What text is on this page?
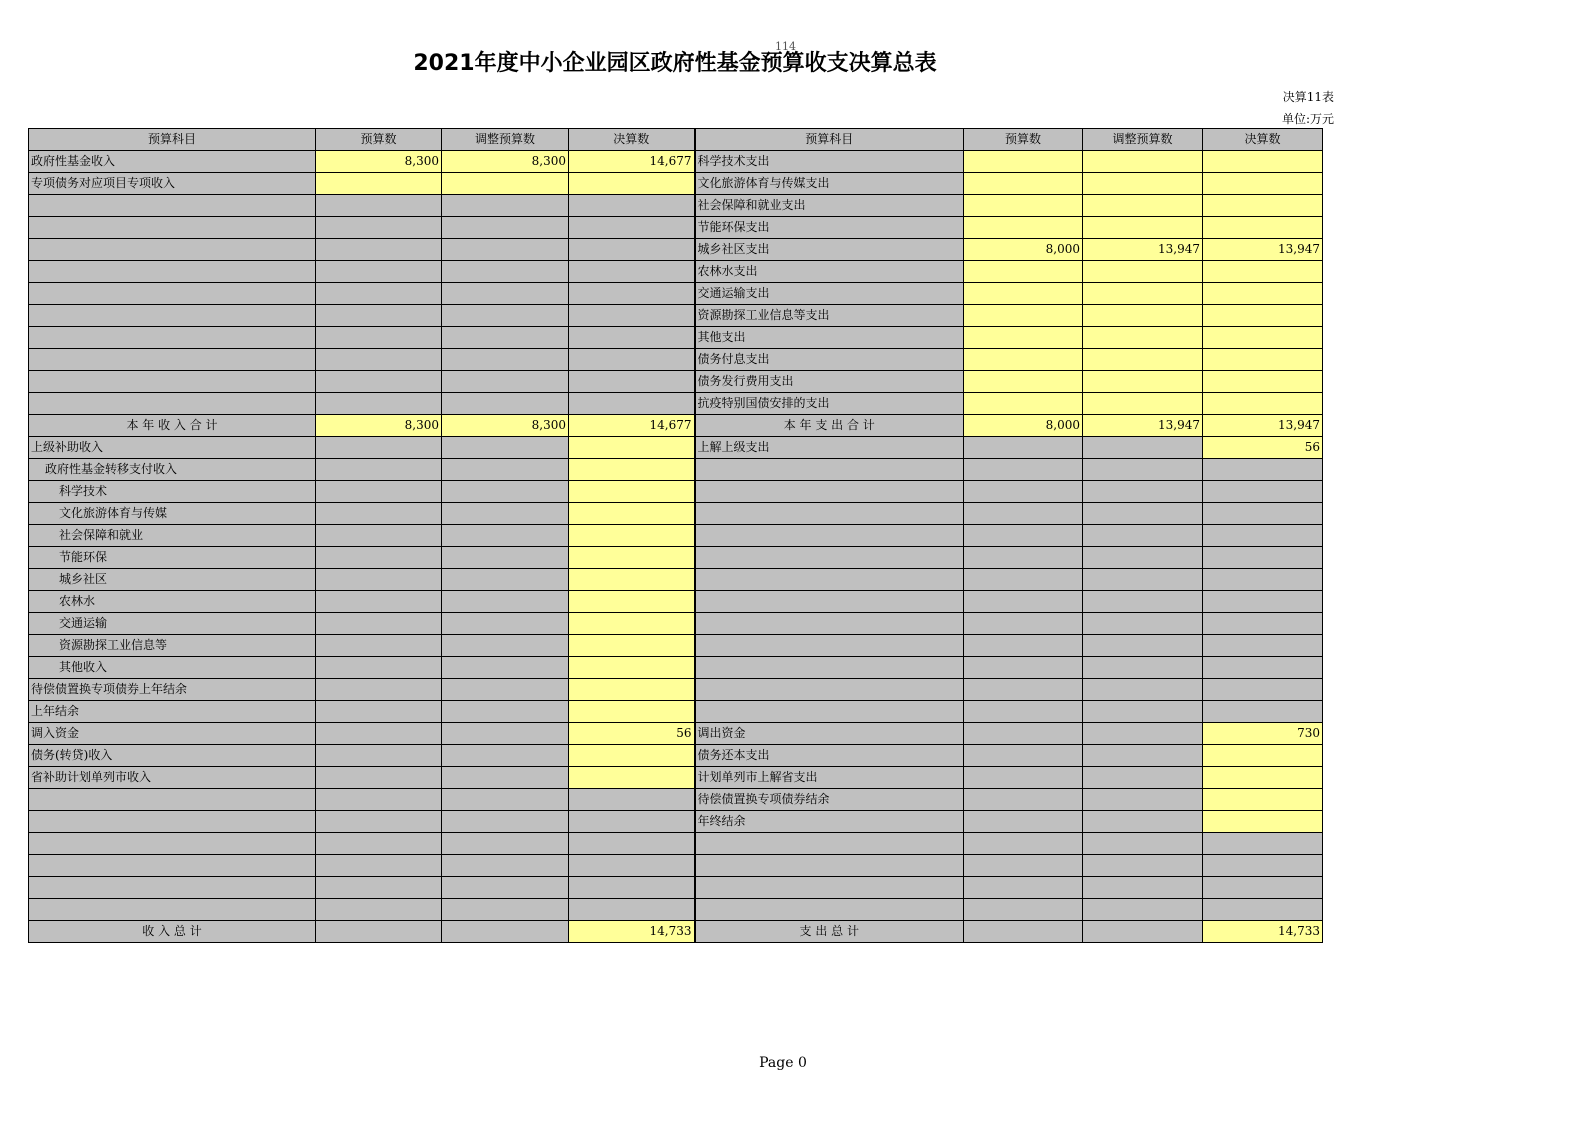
114
2021年度中小企业园区政府性基金预算收支决算总表
决算11表
单位:万元
预算科目	预算数	调整预算数	决算数	预算科目	预算数	调整预算数	决算数
政府性基金收入	8,300	8,300	14,677	科学技术支出			
专项债务对应项目专项收入				文化旅游体育与传媒支出			
				社会保障和就业支出			
				节能环保支出			
				城乡社区支出	8,000	13,947	13,947
				农林水支出			
				交通运输支出			
				资源勘探工业信息等支出			
				其他支出			
				债务付息支出			
				债务发行费用支出			
				抗疫特别国债安排的支出			
本 年 收 入 合 计	8,300	8,300	14,677	本 年 支 出 合 计	8,000	13,947	13,947
上级补助收入				上解上级支出			56
政府性基金转移支付收入							
科学技术							
文化旅游体育与传媒							
社会保障和就业							
节能环保							
城乡社区							
农林水							
交通运输							
资源勘探工业信息等							
其他收入							
待偿债置换专项债券上年结余							
上年结余							
调入资金			56	调出资金			730
债务(转贷)收入				债务还本支出			
省补助计划单列市收入				计划单列市上解省支出			
				待偿债置换专项债券结余			
				年终结余			

收 入 总 计			14,733	支 出 总 计			14,733
Page 0
